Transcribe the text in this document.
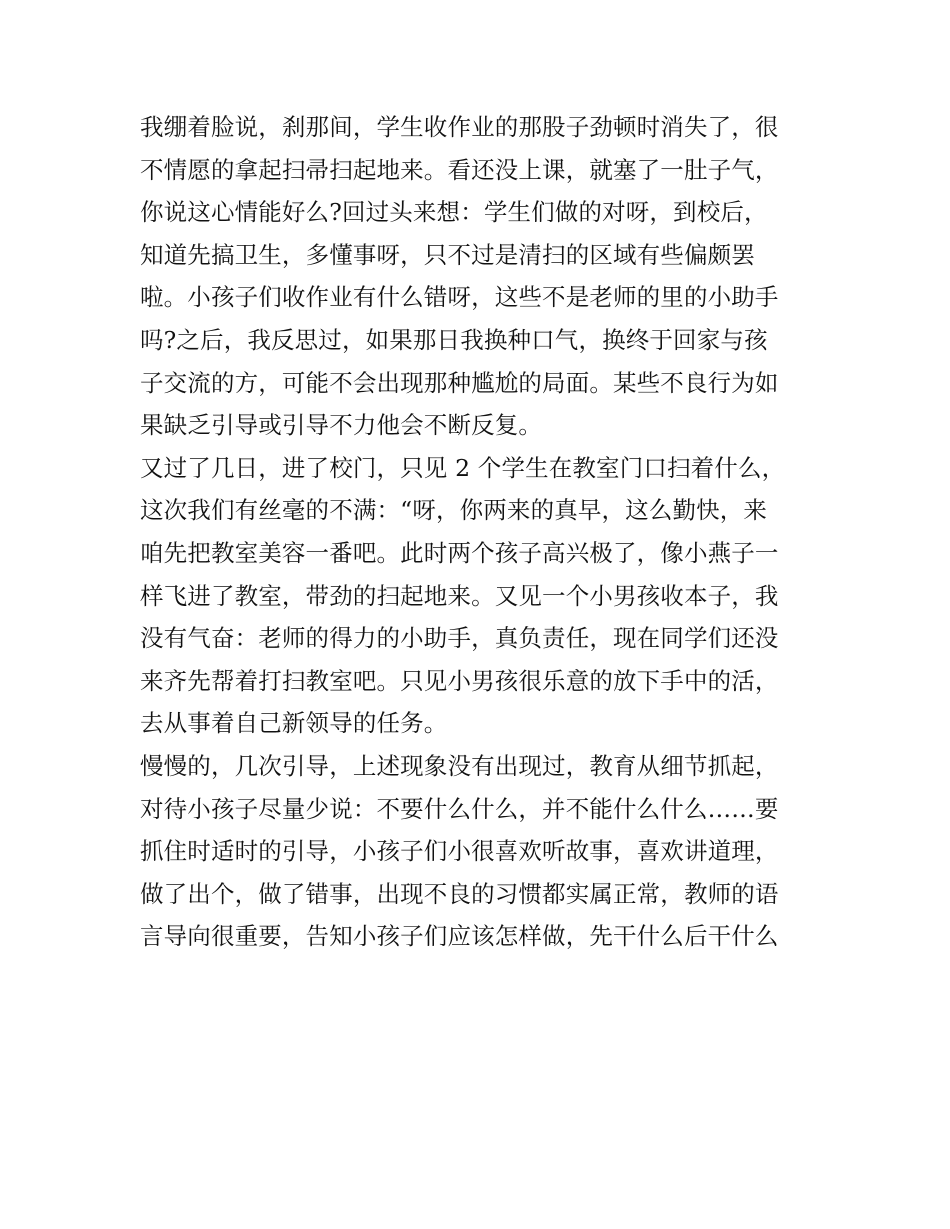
我绷着脸说，刹那间，学生收作业的那股子劲顿时消失了，很
不情愿的拿起扫帚扫起地来。看还没上课，就塞了一肚子气，
你说这心情能好么?回过头来想：学生们做的对呀，到校后，
知道先搞卫生，多懂事呀，只不过是清扫的区域有些偏颇罢
啦。小孩子们收作业有什么错呀，这些不是老师的里的小助手
吗?之后，我反思过，如果那日我换种口气，换终于回家与孩
子交流的方，可能不会出现那种尴尬的局面。某些不良行为如
果缺乏引导或引导不力他会不断反复。

又过了几日，进了校门，只见 2 个学生在教室门口扫着什么，
这次我们有丝毫的不满：“呀，你两来的真早，这么勤快，来
咱先把教室美容一番吧。此时两个孩子高兴极了，像小燕子一
样飞进了教室，带劲的扫起地来。又见一个小男孩收本子，我
没有气奋：老师的得力的小助手，真负责任，现在同学们还没
来齐先帮着打扫教室吧。只见小男孩很乐意的放下手中的活，
去从事着自己新领导的任务。

慢慢的，几次引导，上述现象没有出现过，教育从细节抓起，
对待小孩子尽量少说：不要什么什么，并不能什么什么……要
抓住时适时的引导，小孩子们小很喜欢听故事，喜欢讲道理，
做了出个，做了错事，出现不良的习惯都实属正常，教师的语
言导向很重要，告知小孩子们应该怎样做，先干什么后干什么
